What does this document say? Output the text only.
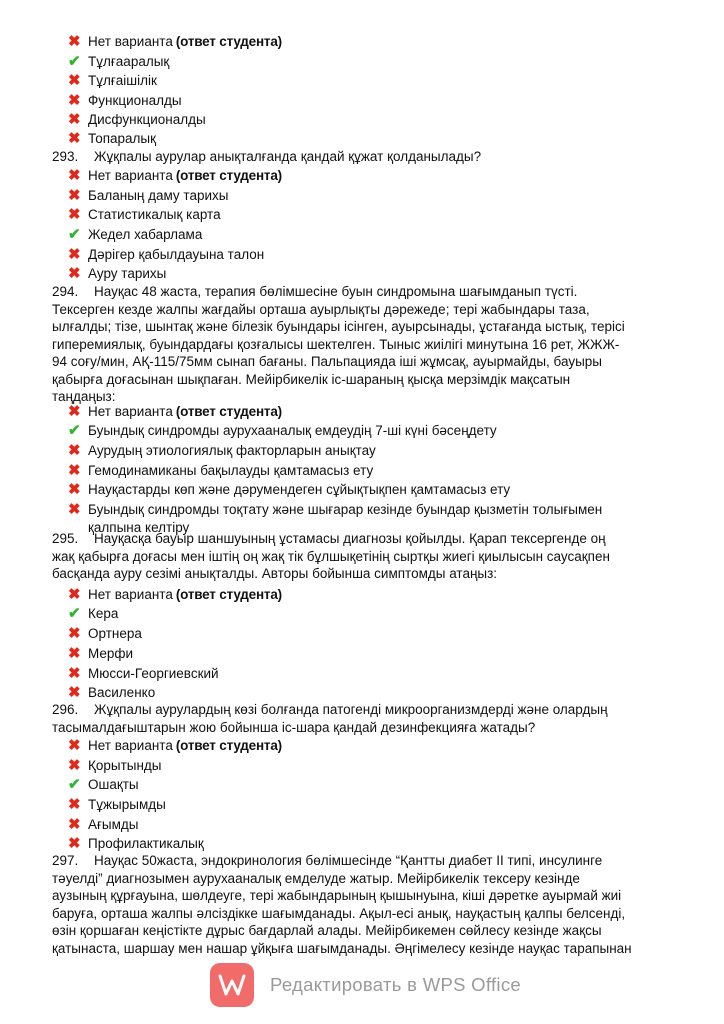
✖ Нет варианта (ответ студента)
✔ Тұлғааралық
✖ Тұлғаішілік
✖ Функционалды
✖ Дисфункционалды
✖ Топаралық
293. Жұқпалы аурулар анықталғанда қандай құжат қолданылады?
✖ Нет варианта (ответ студента)
✖ Баланың даму тарихы
✖ Статистикалық карта
✔ Жедел хабарлама
✖ Дәрігер қабылдауына талон
✖ Ауру тарихы
294. Науқас 48 жаста, терапия бөлімшесіне буын синдромына шағымданып түсті.
Тексерген кезде жалпы жағдайы орташа ауырлықты дәрежеде; тері жабындары таза,
ылғалды; тізе, шынтақ және білезік буындары ісінген, ауырсынады, ұстағанда ыстық, терісі
гиперемиялық, буындардағы қозғалысы шектелген. Тыныс жиілігі минутына 16 рет, ЖЖЖ-
94 соғу/мин, АҚ-115/75мм сынап бағаны. Пальпацияда іші жұмсақ, ауырмайды, бауыры
қабырға доғасынан шықпаған. Мейірбикелік іс-шараның қысқа мерзімдік мақсатын
таңдаңыз:
✖ Нет варианта (ответ студента)
✔ Буындық синдромды аурухааналық емдеудің 7-ші күні бәсеңдету
✖ Аурудың этиологиялық факторларын анықтау
✖ Гемодинамиканы бақылауды қамтамасыз ету
✖ Науқастарды көп және дәрумендеген сұйықтықпен қамтамасыз ету
✖ Буындық синдромды тоқтату және шығарар кезінде буындар қызметін толығымен
қалпына келтіру
295. Науқасқа бауыр шаншуының ұстамасы диагнозы қойылды. Қарап тексергенде оң
жақ қабырға доғасы мен іштің оң жақ тік бұлшықетінің сыртқы жиегі қиылысын саусақпен
басқанда ауру сезімі анықталды. Авторы бойынша симптомды атаңыз:
✖ Нет варианта (ответ студента)
✔ Кера
✖ Ортнера
✖ Мерфи
✖ Мюсси-Георгиевский
✖ Василенко
296. Жұқпалы аурулардың көзі болғанда патогенді микроорганизмдерді және олардың
тасымалдағыштарын жою бойынша іс-шара қандай дезинфекцияға жатады?
✖ Нет варианта (ответ студента)
✖ Қорытынды
✔ Ошақты
✖ Тұжырымды
✖ Ағымды
✖ Профилактикалық
297. Науқас 50жаста, эндокринология бөлімшесінде “Қантты диабет II типі, инсулинге
тәуелді” диагнозымен аурухааналық емделуде жатыр. Мейірбикелік тексеру кезінде
аузының құрғауына, шөлдеуге, тері жабындарының қышынуына, кіші дәретке ауырмай жиі
баруға, орташа жалпы әлсіздікке шағымданады. Ақыл-есі анық, науқастың қалпы белсенді,
өзін қоршаған кеңістікте дұрыс бағдарлай алады. Мейірбикемен сөйлесу кезінде жақсы
қатынаста, шаршау мен нашар ұйқыға шағымданады. Әңгімелесу кезінде науқас тарапынан
Редактировать в WPS Office
